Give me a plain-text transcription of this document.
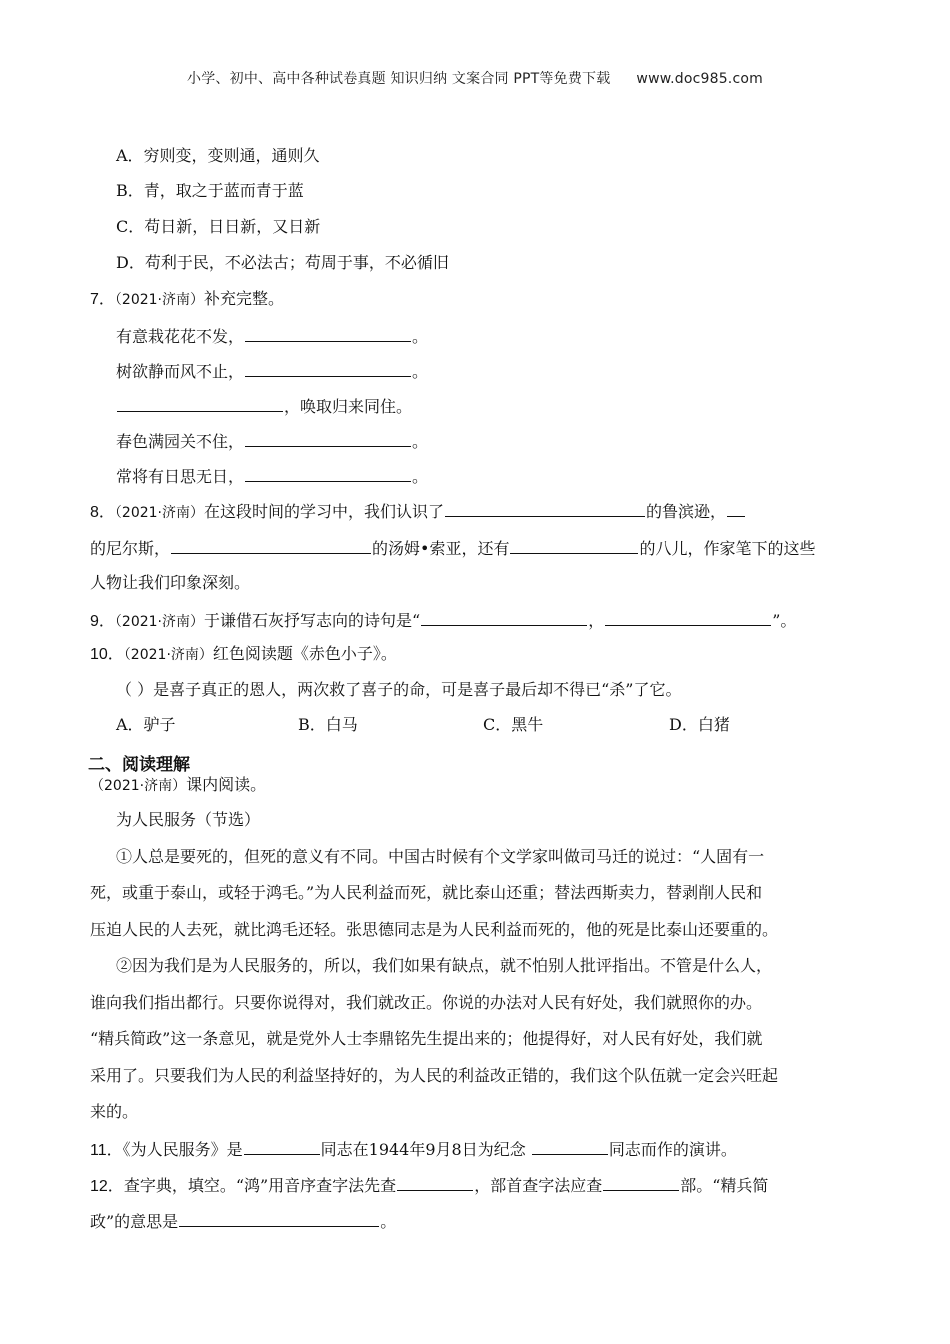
小学、初中、高中各种试卷真题 知识归纳 文案合同 PPT等免费下载 www.doc985.com
A．穷则变，变则通，通则久
B．青，取之于蓝而青于蓝
C．苟日新，日日新，又日新
D．苟利于民，不必法古；苟周于事，不必循旧
7．（2021·济南）补充完整。
有意栽花花不发，	。
树欲静而风不止，	。
，唤取归来同住。
春色满园关不住，	。
常将有日思无日，	。
8．（2021·济南）在这段时间的学习中，我们认识了	的鲁滨逊，
的尼尔斯，	的汤姆•索亚，还有	的八儿，作家笔下的这些
人物让我们印象深刻。
9．（2021·济南）于谦借石灰抒写志向的诗句是“	，	”。
10．（2021·济南）红色阅读题《赤色小子》。
（ ）是喜子真正的恩人，两次救了喜子的命，可是喜子最后却不得已“杀”了它。
A．驴子	B．白马	C．黑牛	D．白猪
二、阅读理解
（2021·济南）课内阅读。
为人民服务（节选）
①人总是要死的，但死的意义有不同。中国古时候有个文学家叫做司马迁的说过：“人固有一
死，或重于泰山，或轻于鸿毛。”为人民利益而死，就比泰山还重；替法西斯卖力，替剥削人民和
压迫人民的人去死，就比鸿毛还轻。张思德同志是为人民利益而死的，他的死是比泰山还要重的。
②因为我们是为人民服务的，所以，我们如果有缺点，就不怕别人批评指出。不管是什么人，
谁向我们指出都行。只要你说得对，我们就改正。你说的办法对人民有好处，我们就照你的办。
“精兵简政”这一条意见，就是党外人士李鼎铭先生提出来的；他提得好，对人民有好处，我们就
采用了。只要我们为人民的利益坚持好的，为人民的利益改正错的，我们这个队伍就一定会兴旺起
来的。
11．《为人民服务》是	同志在1944年9月8日为纪念	同志而作的演讲。
12．查字典，填空。“鸿”用音序查字法先查	，部首查字法应查	部。“精兵简
政”的意思是	。
